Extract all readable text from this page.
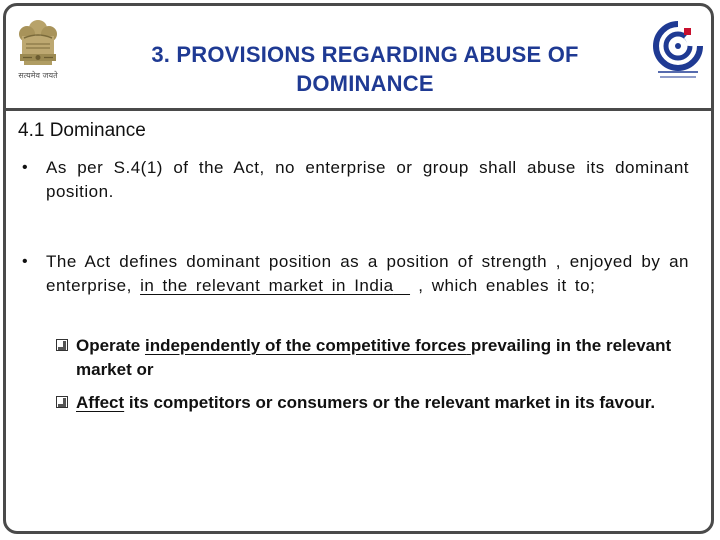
सत्यमेव जयते
3. PROVISIONS REGARDING ABUSE OF
DOMINANCE
4.1 Dominance
•	As per S.4(1) of the Act, no enterprise or group shall abuse its dominant position.
•	The Act defines dominant position as a position of strength , enjoyed by an enterprise, in the relevant market in India , which enables it to;
Operate independently of the competitive forces prevailing in the relevant market or
Affect its competitors or consumers or the relevant market in its favour.
